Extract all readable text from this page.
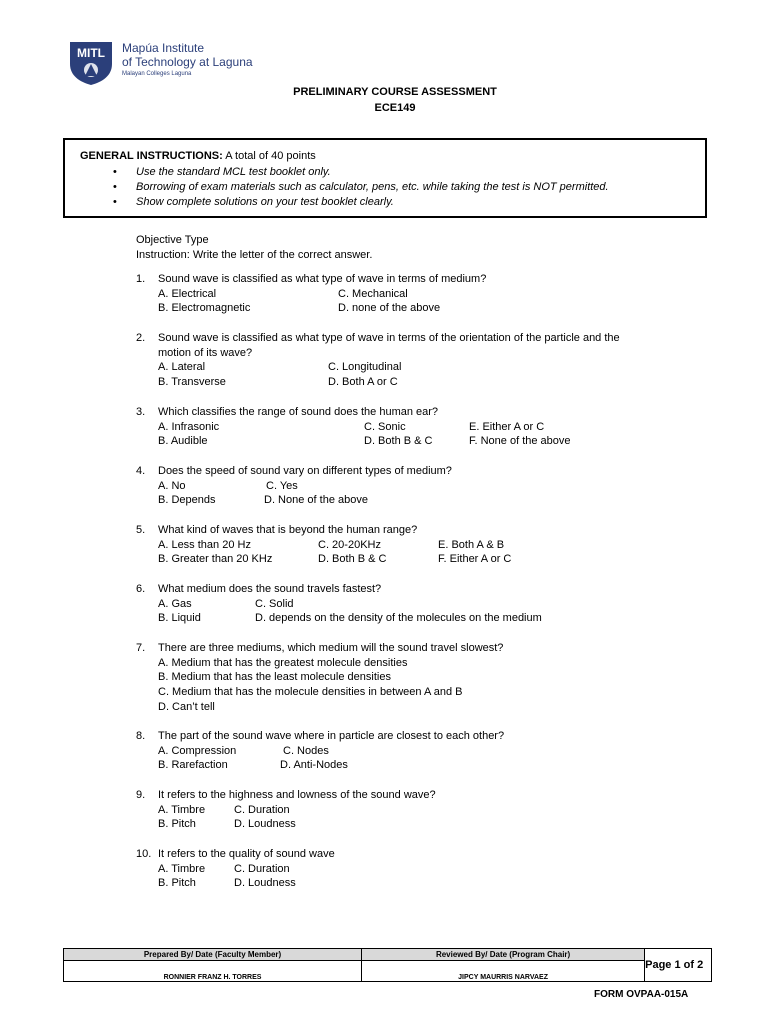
MITL Mapúa Institute
of Technology at Laguna
Malayan Colleges Laguna
PRELIMINARY COURSE ASSESSMENT
ECE149
GENERAL INSTRUCTIONS: A total of 40 points
• Use the standard MCL test booklet only.
• Borrowing of exam materials such as calculator, pens, etc. while taking the test is NOT permitted.
• Show complete solutions on your test booklet clearly.
Objective Type
Instruction: Write the letter of the correct answer.
1. Sound wave is classified as what type of wave in terms of medium?
A. Electrical	C. Mechanical
B. Electromagnetic	D. none of the above
2. Sound wave is classified as what type of wave in terms of the orientation of the particle and the
motion of its wave?
A. Lateral	C. Longitudinal
B. Transverse	D. Both A or C
3. Which classifies the range of sound does the human ear?
A. Infrasonic	C. Sonic	E. Either A or C
B. Audible	D. Both B & C	F. None of the above
4. Does the speed of sound vary on different types of medium?
A. No	C. Yes
B. Depends	D. None of the above
5. What kind of waves that is beyond the human range?
A. Less than 20 Hz	C. 20-20KHz	E. Both A & B
B. Greater than 20 KHz	D. Both B & C	F. Either A or C
6. What medium does the sound travels fastest?
A. Gas	C. Solid
B. Liquid	D. depends on the density of the molecules on the medium
7. There are three mediums, which medium will the sound travel slowest?
A. Medium that has the greatest molecule densities
B. Medium that has the least molecule densities
C. Medium that has the molecule densities in between A and B
D. Can’t tell
8. The part of the sound wave where in particle are closest to each other?
A. Compression	C. Nodes
B. Rarefaction	D. Anti-Nodes
9. It refers to the highness and lowness of the sound wave?
A. Timbre	C. Duration
B. Pitch	D. Loudness
10. It refers to the quality of sound wave
A. Timbre	C. Duration
B. Pitch	D. Loudness
Prepared By/ Date (Faculty Member)	Reviewed By/ Date (Program Chair)	Page 1 of 2
RONNIER FRANZ H. TORRES	JIPCY MAURRIS NARVAEZ	
FORM OVPAA-015A
